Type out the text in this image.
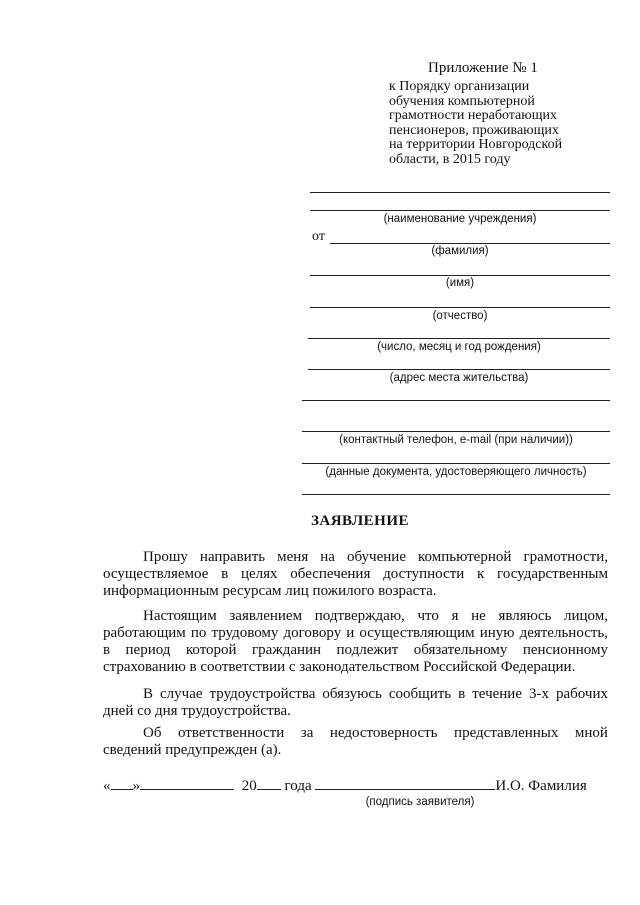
Приложение № 1
к Порядку организации
обучения компьютерной
грамотности неработающих
пенсионеров, проживающих
на территории Новгородской
области, в 2015 году
(наименование учреждения)
от
(фамилия)
(имя)
(отчество)
(число, месяц и год рождения)
(адрес места жительства)
(контактный телефон, e-mail (при наличии))
(данные документа, удостоверяющего личность)
ЗАЯВЛЕНИЕ
Прошу направить меня на обучение компьютерной грамотности,
осуществляемое в целях обеспечения доступности к государственным
информационным ресурсам лиц пожилого возраста.
Настоящим заявлением подтверждаю, что я не являюсь лицом,
работающим по трудовому договору и осуществляющим иную деятельность,
в период которой гражданин подлежит обязательному пенсионному
страхованию в соответствии с законодательством Российской Федерации.
В случае трудоустройства обязуюсь сообщить в течение 3-х рабочих
дней со дня трудоустройства.
Об ответственности за недостоверность представленных мной
сведений предупрежден (а).
« »	20 года	И.О. Фамилия
(подпись заявителя)
